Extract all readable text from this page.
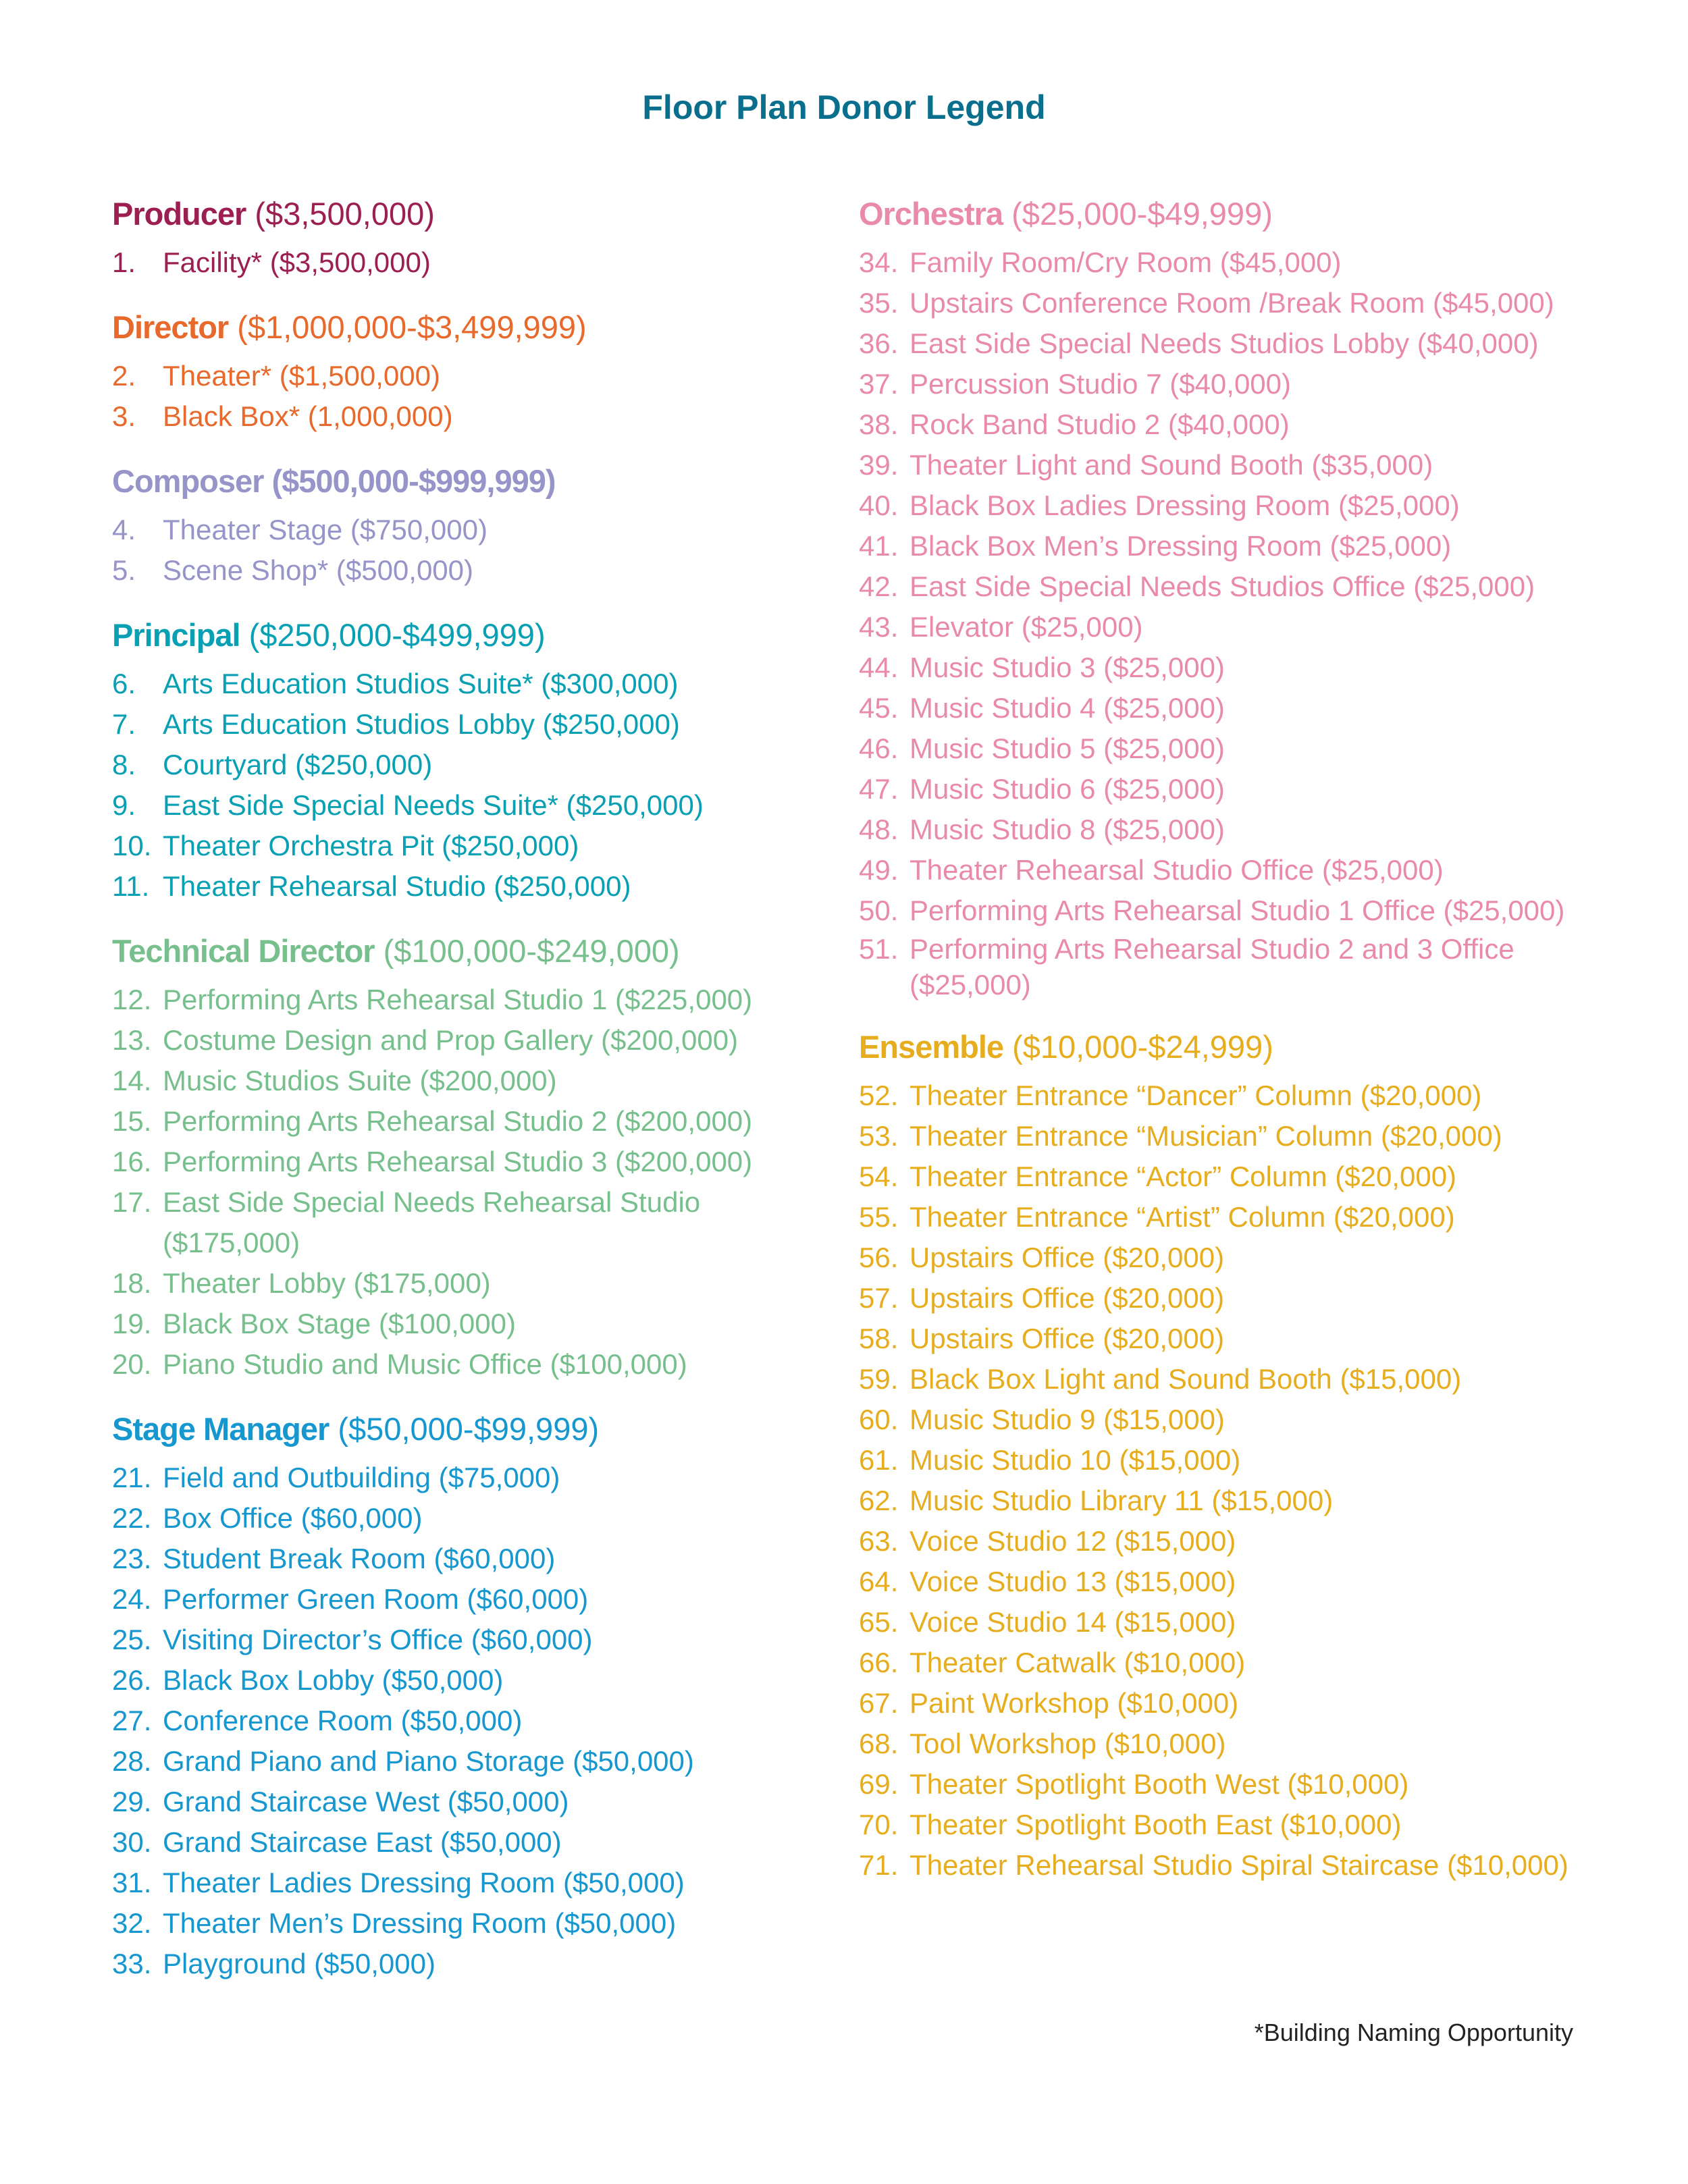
Floor Plan Donor Legend
Producer ($3,500,000)
1. Facility* ($3,500,000)
Director ($1,000,000-$3,499,999)
2. Theater* ($1,500,000)
3. Black Box* (1,000,000)
Composer ($500,000-$999,999)
4. Theater Stage ($750,000)
5. Scene Shop* ($500,000)
Principal ($250,000-$499,999)
6. Arts Education Studios Suite* ($300,000)
7. Arts Education Studios Lobby ($250,000)
8. Courtyard ($250,000)
9. East Side Special Needs Suite* ($250,000)
10. Theater Orchestra Pit ($250,000)
11. Theater Rehearsal Studio ($250,000)
Technical Director ($100,000-$249,000)
12. Performing Arts Rehearsal Studio 1 ($225,000)
13. Costume Design and Prop Gallery ($200,000)
14. Music Studios Suite ($200,000)
15. Performing Arts Rehearsal Studio 2 ($200,000)
16. Performing Arts Rehearsal Studio 3 ($200,000)
17. East Side Special Needs Rehearsal Studio ($175,000)
18. Theater Lobby ($175,000)
19. Black Box Stage ($100,000)
20. Piano Studio and Music Office ($100,000)
Stage Manager ($50,000-$99,999)
21. Field and Outbuilding ($75,000)
22. Box Office ($60,000)
23. Student Break Room ($60,000)
24. Performer Green Room ($60,000)
25. Visiting Director’s Office ($60,000)
26. Black Box Lobby ($50,000)
27. Conference Room ($50,000)
28. Grand Piano and Piano Storage ($50,000)
29. Grand Staircase West ($50,000)
30. Grand Staircase East ($50,000)
31. Theater Ladies Dressing Room ($50,000)
32. Theater Men’s Dressing Room ($50,000)
33. Playground ($50,000)
Orchestra ($25,000-$49,999)
34. Family Room/Cry Room ($45,000)
35. Upstairs Conference Room /Break Room ($45,000)
36. East Side Special Needs Studios Lobby ($40,000)
37. Percussion Studio 7 ($40,000)
38. Rock Band Studio 2 ($40,000)
39. Theater Light and Sound Booth ($35,000)
40. Black Box Ladies Dressing Room ($25,000)
41. Black Box Men’s Dressing Room ($25,000)
42. East Side Special Needs Studios Office ($25,000)
43. Elevator ($25,000)
44. Music Studio 3 ($25,000)
45. Music Studio 4 ($25,000)
46. Music Studio 5 ($25,000)
47. Music Studio 6 ($25,000)
48. Music Studio 8 ($25,000)
49. Theater Rehearsal Studio Office ($25,000)
50. Performing Arts Rehearsal Studio 1 Office ($25,000)
51. Performing Arts Rehearsal Studio 2 and 3 Office ($25,000)
Ensemble ($10,000-$24,999)
52. Theater Entrance “Dancer” Column ($20,000)
53. Theater Entrance “Musician” Column ($20,000)
54. Theater Entrance “Actor” Column ($20,000)
55. Theater Entrance “Artist” Column ($20,000)
56. Upstairs Office ($20,000)
57. Upstairs Office ($20,000)
58. Upstairs Office ($20,000)
59. Black Box Light and Sound Booth ($15,000)
60. Music Studio 9 ($15,000)
61. Music Studio 10 ($15,000)
62. Music Studio Library 11 ($15,000)
63. Voice Studio 12 ($15,000)
64. Voice Studio 13 ($15,000)
65. Voice Studio 14 ($15,000)
66. Theater Catwalk ($10,000)
67. Paint Workshop ($10,000)
68. Tool Workshop ($10,000)
69. Theater Spotlight Booth West ($10,000)
70. Theater Spotlight Booth East ($10,000)
71. Theater Rehearsal Studio Spiral Staircase ($10,000)
*Building Naming Opportunity
